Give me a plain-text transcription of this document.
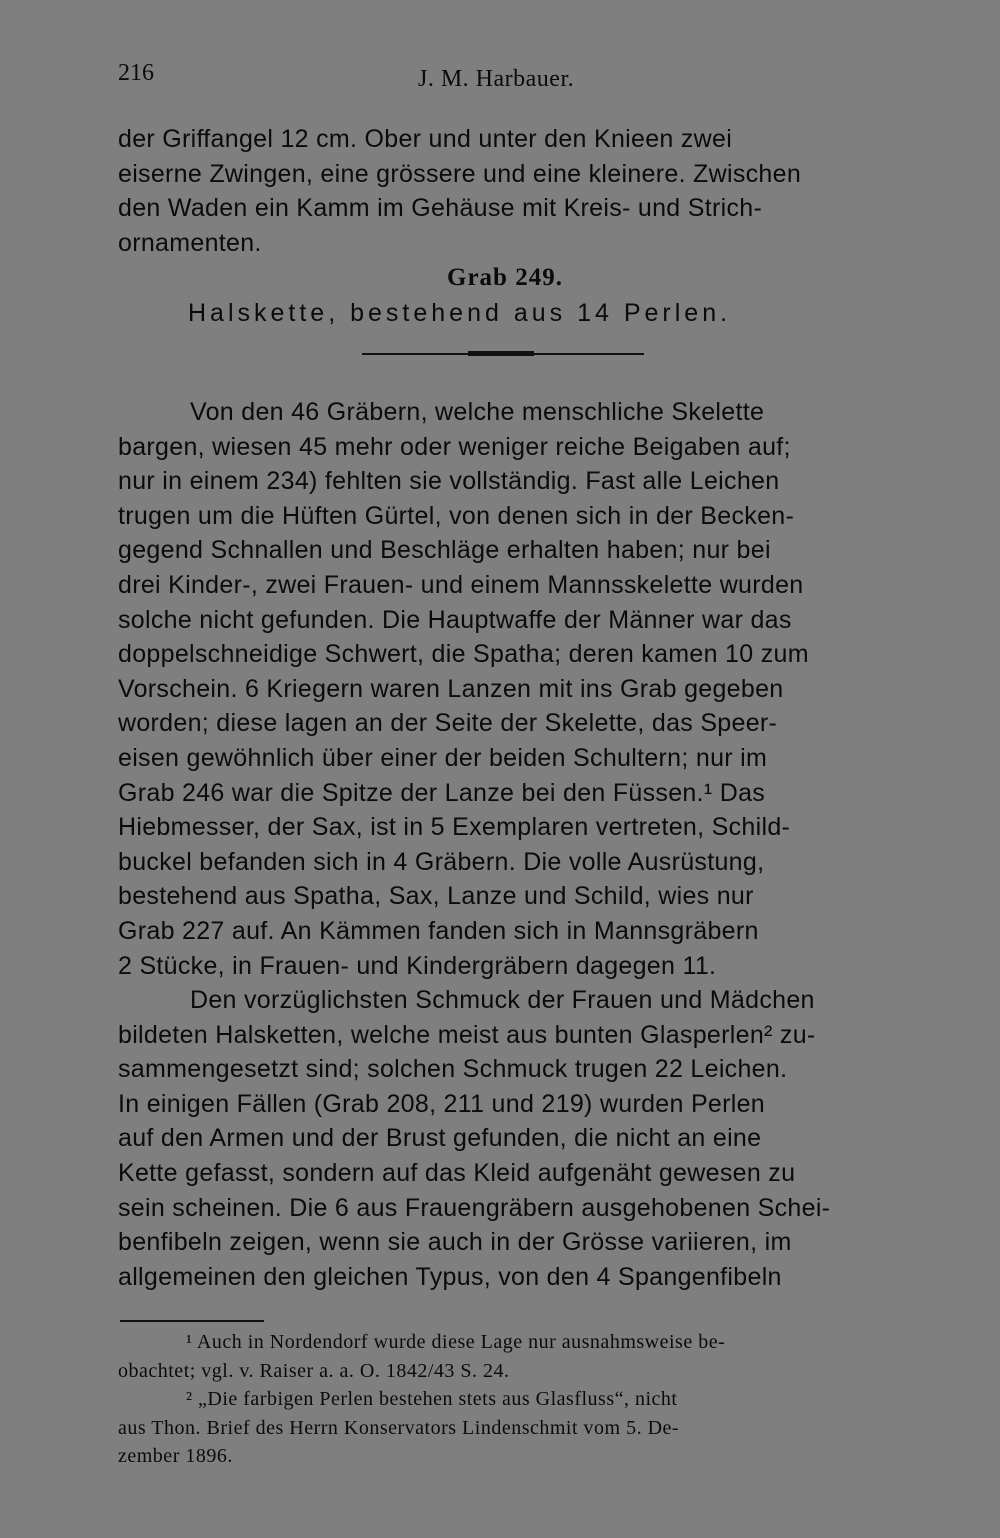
216	J. M. Harbauer.
der Griffangel 12 cm. Ober und unter den Knieen zwei
eiserne Zwingen, eine grössere und eine kleinere. Zwischen
den Waden ein Kamm im Gehäuse mit Kreis- und Strich-
ornamenten.
Grab 249.
Halskette, bestehend aus 14 Perlen.
Von den 46 Gräbern, welche menschliche Skelette
bargen, wiesen 45 mehr oder weniger reiche Beigaben auf;
nur in einem 234) fehlten sie vollständig. Fast alle Leichen
trugen um die Hüften Gürtel, von denen sich in der Becken-
gegend Schnallen und Beschläge erhalten haben; nur bei
drei Kinder-, zwei Frauen- und einem Mannsskelette wurden
solche nicht gefunden. Die Hauptwaffe der Männer war das
doppelschneidige Schwert, die Spatha; deren kamen 10 zum
Vorschein. 6 Kriegern waren Lanzen mit ins Grab gegeben
worden; diese lagen an der Seite der Skelette, das Speer-
eisen gewöhnlich über einer der beiden Schultern; nur im
Grab 246 war die Spitze der Lanze bei den Füssen.¹ Das
Hiebmesser, der Sax, ist in 5 Exemplaren vertreten, Schild-
buckel befanden sich in 4 Gräbern. Die volle Ausrüstung,
bestehend aus Spatha, Sax, Lanze und Schild, wies nur
Grab 227 auf. An Kämmen fanden sich in Mannsgräbern
2 Stücke, in Frauen- und Kindergräbern dagegen 11.
Den vorzüglichsten Schmuck der Frauen und Mädchen
bildeten Halsketten, welche meist aus bunten Glasperlen² zu-
sammengesetzt sind; solchen Schmuck trugen 22 Leichen.
In einigen Fällen (Grab 208, 211 und 219) wurden Perlen
auf den Armen und der Brust gefunden, die nicht an eine
Kette gefasst, sondern auf das Kleid aufgenäht gewesen zu
sein scheinen. Die 6 aus Frauengräbern ausgehobenen Schei-
benfibeln zeigen, wenn sie auch in der Grösse variieren, im
allgemeinen den gleichen Typus, von den 4 Spangenfibeln
¹ Auch in Nordendorf wurde diese Lage nur ausnahmsweise be-
obachtet; vgl. v. Raiser a. a. O. 1842/43 S. 24.
² „Die farbigen Perlen bestehen stets aus Glasfluss“, nicht
aus Thon. Brief des Herrn Konservators Lindenschmit vom 5. De-
zember 1896.
